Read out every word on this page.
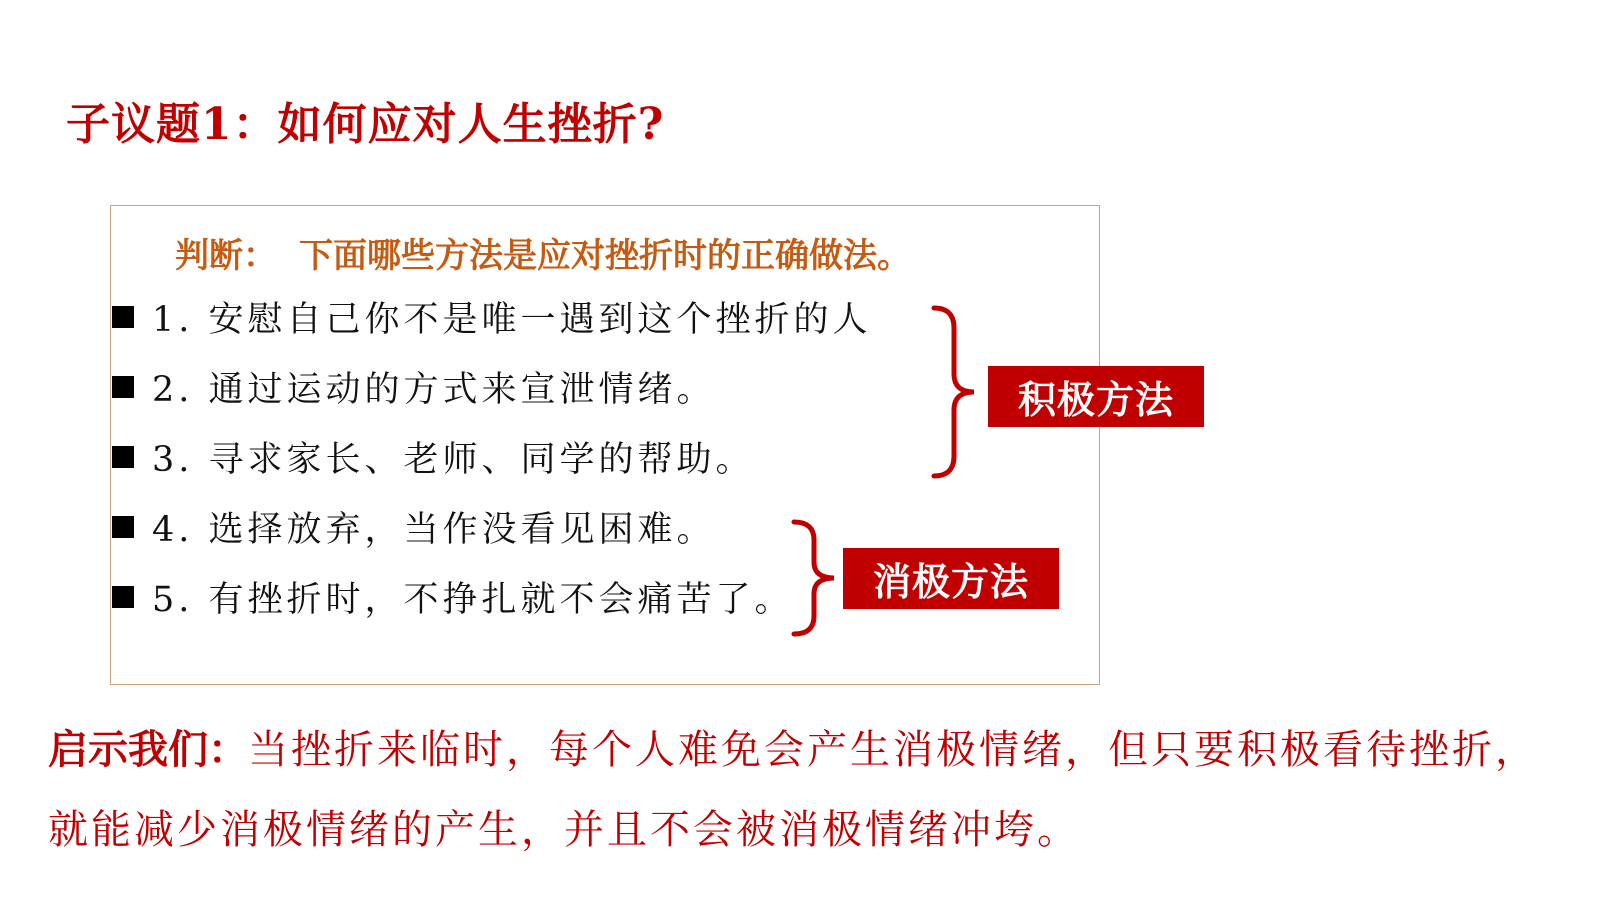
子议题1：如何应对人生挫折?
判断： 下面哪些方法是应对挫折时的正确做法。
1. 安慰自己你不是唯一遇到这个挫折的人
2. 通过运动的方式来宣泄情绪。
3. 寻求家长、老师、同学的帮助。
4. 选择放弃，当作没看见困难。
5. 有挫折时，不挣扎就不会痛苦了。
积极方法
消极方法
启示我们：当挫折来临时，每个人难免会产生消极情绪，但只要积极看待挫折，就能减少消极情绪的产生，并且不会被消极情绪冲垮。
